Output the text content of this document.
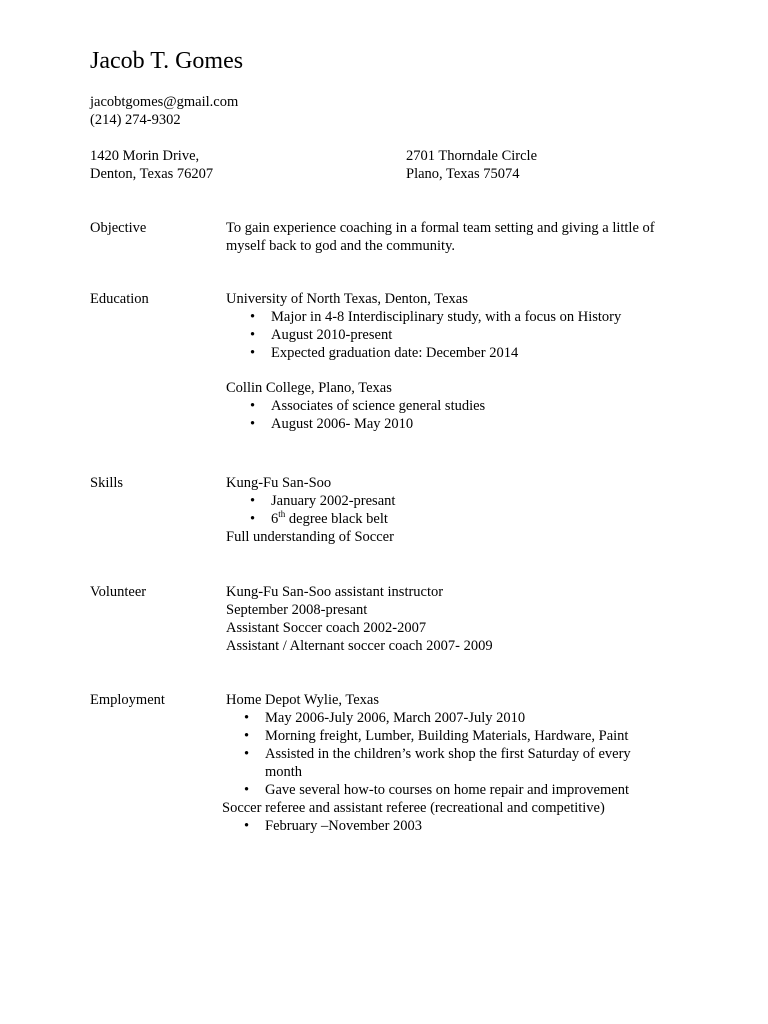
Jacob T. Gomes
jacobtgomes@gmail.com
(214) 274-9302
1420 Morin Drive,
Denton, Texas 76207
2701 Thorndale Circle
Plano, Texas 75074
Objective	To gain experience coaching in a formal team setting and giving a little of
myself back to god and the community.
Education	University of North Texas, Denton, Texas
• Major in 4-8 Interdisciplinary study, with a focus on History
• August 2010-present
• Expected graduation date: December 2014
Collin College, Plano, Texas
• Associates of science general studies
• August 2006- May 2010
Skills	Kung-Fu San-Soo
• January 2002-presant
• 6th degree black belt
Full understanding of Soccer
Volunteer	Kung-Fu San-Soo assistant instructor
September 2008-presant
Assistant Soccer coach 2002-2007
Assistant / Alternant soccer coach 2007- 2009
Employment	Home Depot Wylie, Texas
• May 2006-July 2006, March 2007-July 2010
• Morning freight, Lumber, Building Materials, Hardware, Paint
• Assisted in the children’s work shop the first Saturday of every month
• Gave several how-to courses on home repair and improvement
Soccer referee and assistant referee (recreational and competitive)
• February –November 2003
